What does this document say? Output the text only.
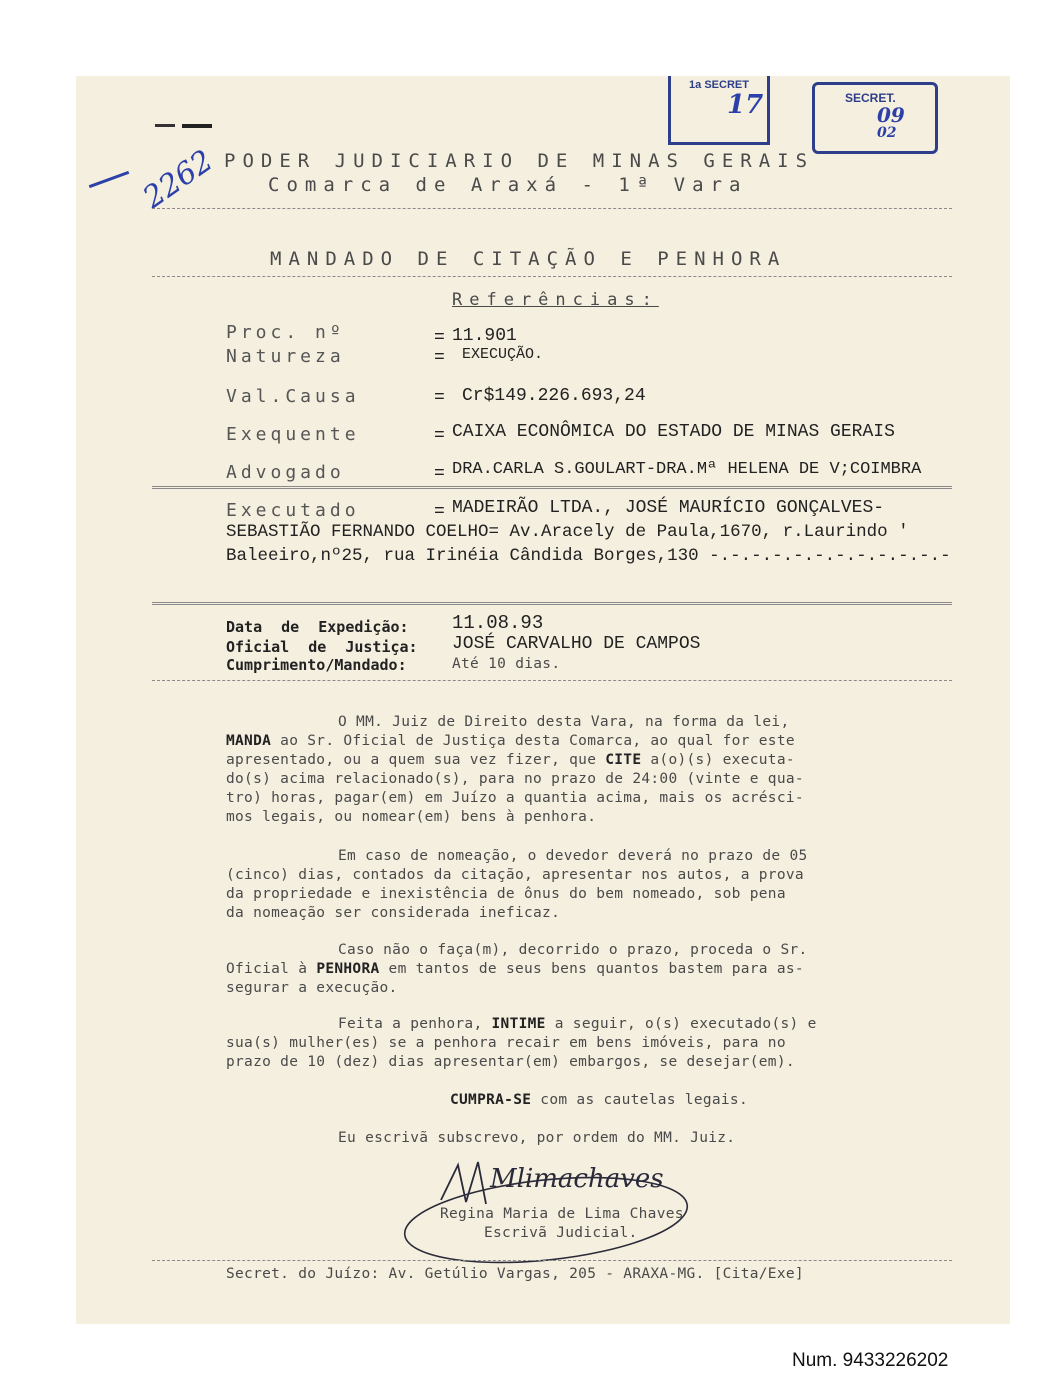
1a SECRET
17	SECRET.
09
02
2262 PODER JUDICIARIO DE MINAS GERAIS
Comarca de Araxá - 1ª Vara
MANDADO DE CITAÇÃO E PENHORA
Referências:
Proc. nº	= 11.901
Natureza	= EXECUÇÃO.
Val.Causa	= Cr$149.226.693,24
Exequente	= CAIXA ECONÔMICA DO ESTADO DE MINAS GERAIS
Advogado	= DRA.CARLA S.GOULART-DRA.Mª HELENA DE V;COIMBRA
Executado	= MADEIRÃO LTDA., JOSÉ MAURÍCIO GONÇALVES-
SEBASTIÃO FERNANDO COELHO= Av.Aracely de Paula,1670, r.Laurindo '
Baleeiro,nº25, rua Irinéia Cândida Borges,130 -.-.-.-.-.-.-.-.-.-.-.-
Data de Expedição: 11.08.93
Oficial de Justiça: JOSÉ CARVALHO DE CAMPOS
Cumprimento/Mandado:	Até 10 dias.
O MM. Juiz de Direito desta Vara, na forma da lei,
MANDA ao Sr. Oficial de Justiça desta Comarca, ao qual for este
apresentado, ou a quem sua vez fizer, que CITE a(o)(s) executa-
do(s) acima relacionado(s), para no prazo de 24:00 (vinte e qua-
tro) horas, pagar(em) em Juízo a quantia acima, mais os acrésci-
mos legais, ou nomear(em) bens à penhora.
Em caso de nomeação, o devedor deverá no prazo de 05
(cinco) dias, contados da citação, apresentar nos autos, a prova
da propriedade e inexistência de ônus do bem nomeado, sob pena
da nomeação ser considerada ineficaz.
Caso não o faça(m), decorrido o prazo, proceda o Sr.
Oficial à PENHORA em tantos de seus bens quantos bastem para as-
segurar a execução.
Feita a penhora, INTIME a seguir, o(s) executado(s) e
sua(s) mulher(es) se a penhora recair em bens imóveis, para no
prazo de 10 (dez) dias apresentar(em) embargos, se desejar(em).
CUMPRA-SE com as cautelas legais.
Eu escrivã subscrevo, por ordem do MM. Juiz.
Mlimachaves
Regina Maria de Lima Chaves
Escrivã Judicial.
Secret. do Juízo: Av. Getúlio Vargas, 205 - ARAXA-MG. [Cita/Exe]
Num. 9433226202
